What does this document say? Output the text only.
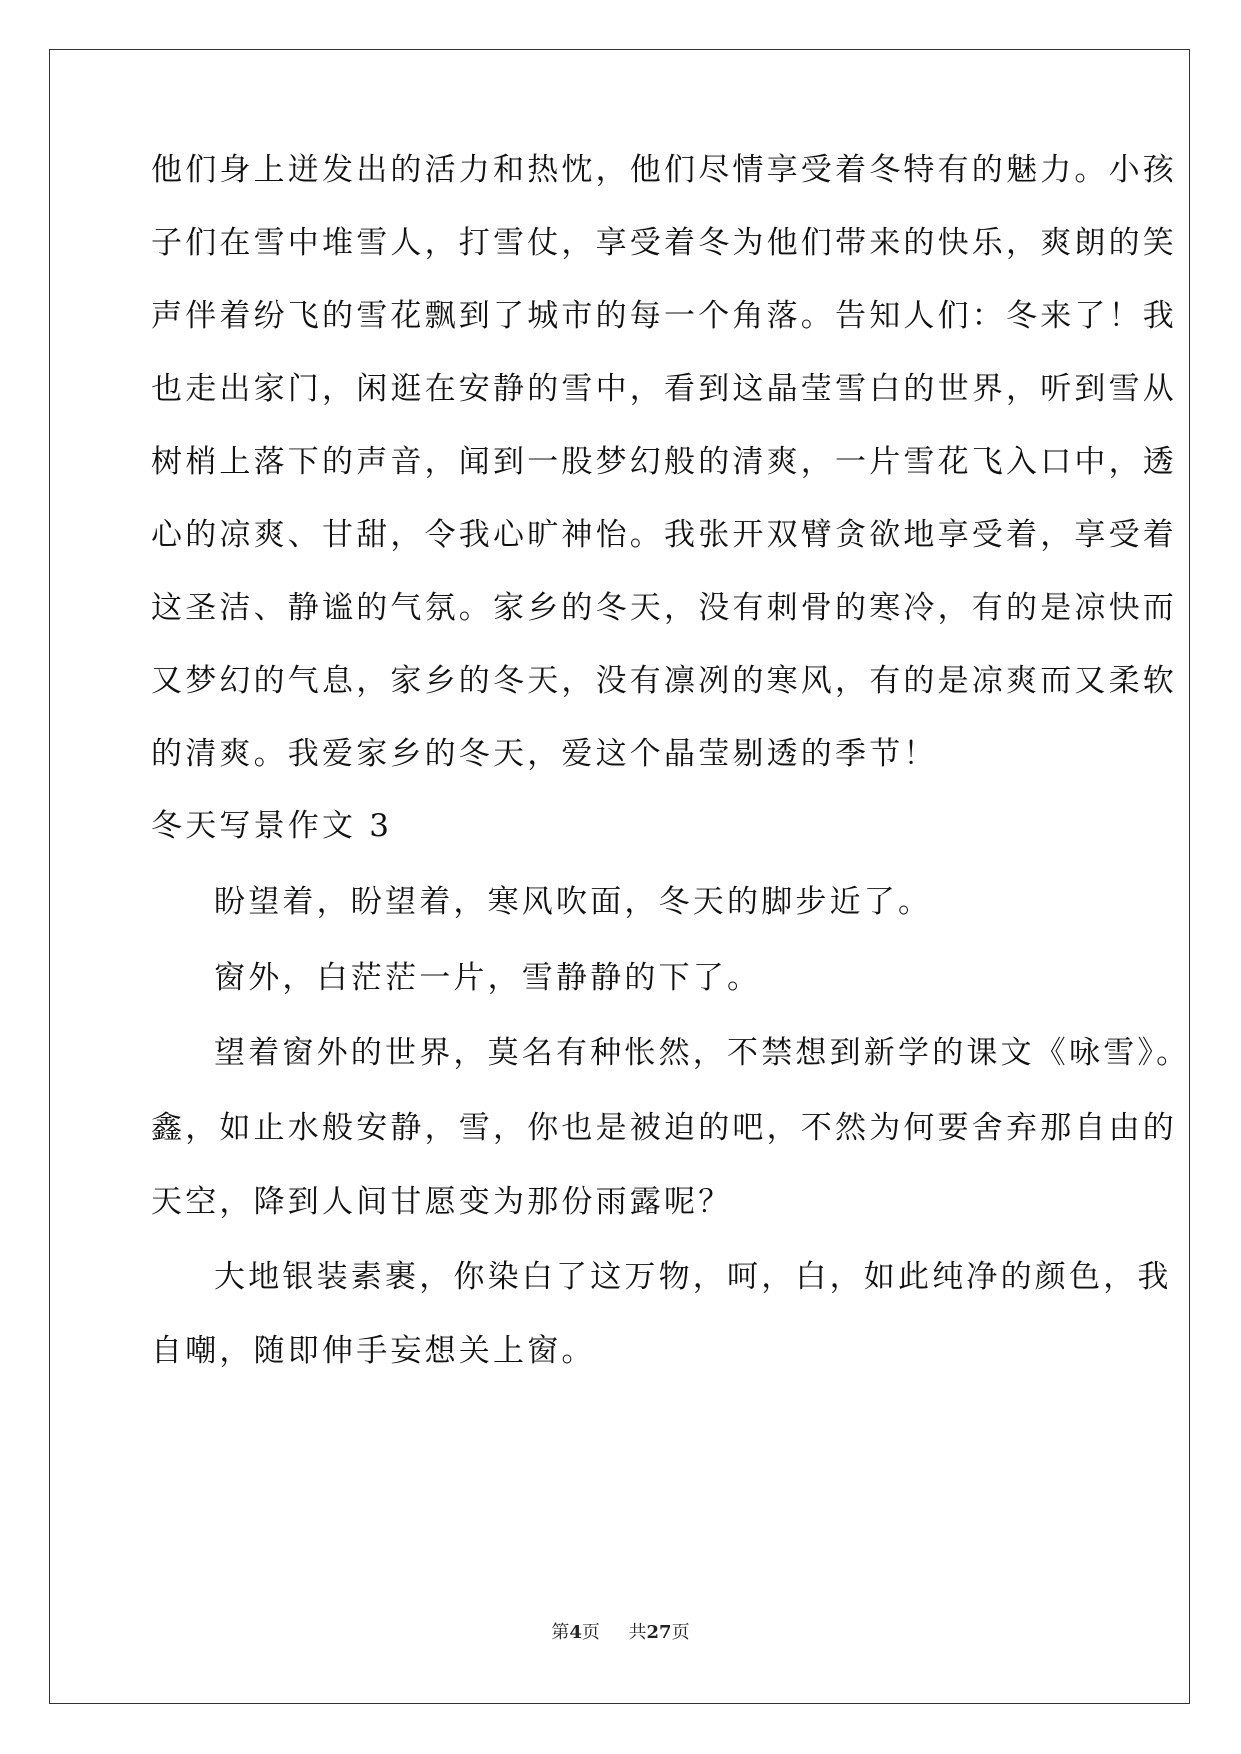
他们身上迸发出的活力和热忱，他们尽情享受着冬特有的魅力。小孩
子们在雪中堆雪人，打雪仗，享受着冬为他们带来的快乐，爽朗的笑
声伴着纷飞的雪花飘到了城市的每一个角落。告知人们：冬来了！我
也走出家门，闲逛在安静的雪中，看到这晶莹雪白的世界，听到雪从
树梢上落下的声音，闻到一股梦幻般的清爽，一片雪花飞入口中，透
心的凉爽、甘甜，令我心旷神怡。我张开双臂贪欲地享受着，享受着
这圣洁、静谧的气氛。家乡的冬天，没有刺骨的寒冷，有的是凉快而
又梦幻的气息，家乡的冬天，没有凛冽的寒风，有的是凉爽而又柔软
的清爽。我爱家乡的冬天，爱这个晶莹剔透的季节！
冬天写景作文 3
盼望着，盼望着，寒风吹面，冬天的脚步近了。
窗外，白茫茫一片，雪静静的下了。
望着窗外的世界，莫名有种怅然，不禁想到新学的课文《咏雪》。
鑫，如止水般安静，雪，你也是被迫的吧，不然为何要舍弃那自由的
天空，降到人间甘愿变为那份雨露呢？
大地银装素裹，你染白了这万物，呵，白，如此纯净的颜色，我
自嘲，随即伸手妄想关上窗。
第4页 共27页
